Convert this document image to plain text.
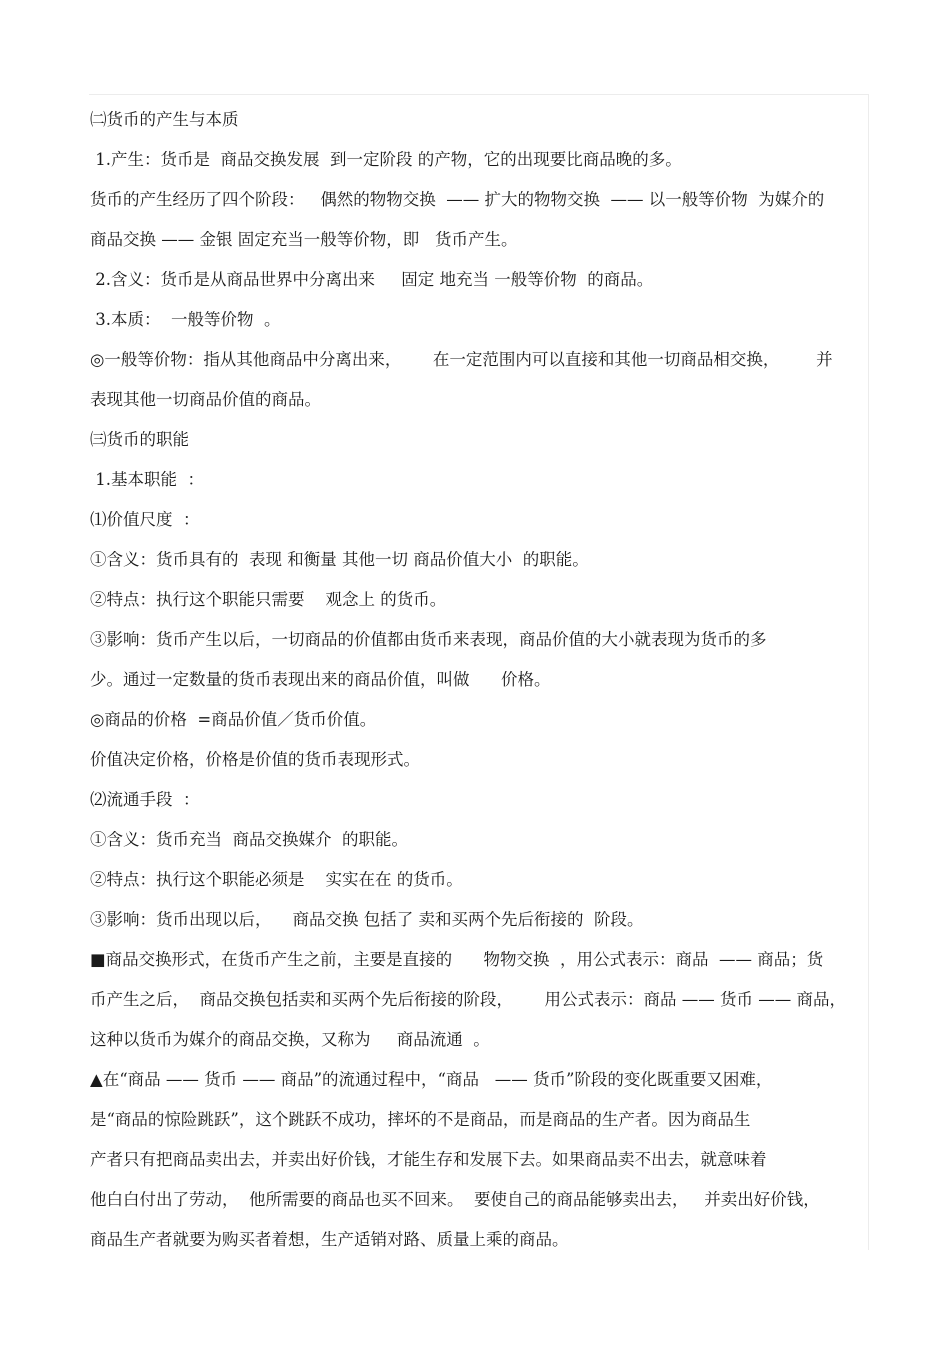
㈡货币的产生与本质
1.产生：货币是  商品交换发展  到一定阶段 的产物，它的出现要比商品晚的多。
货币的产生经历了四个阶段：   偶然的物物交换  —— 扩大的物物交换  —— 以一般等价物  为媒介的
商品交换 —— 金银 固定充当一般等价物，即   货币产生。
2.含义：货币是从商品世界中分离出来     固定 地充当 一般等价物  的商品。
3.本质：  一般等价物  。
◎一般等价物：指从其他商品中分离出来，      在一定范围内可以直接和其他一切商品相交换，       并
表现其他一切商品价值的商品。
㈢货币的职能
1.基本职能  ：
⑴价值尺度  ：
①含义：货币具有的  表现 和衡量 其他一切 商品价值大小  的职能。
②特点：执行这个职能只需要    观念上 的货币。
③影响：货币产生以后，一切商品的价值都由货币来表现，商品价值的大小就表现为货币的多
少。通过一定数量的货币表现出来的商品价值，叫做      价格。
◎商品的价格  =商品价值／货币价值。
价值决定价格，价格是价值的货币表现形式。
⑵流通手段  ：
①含义：货币充当  商品交换媒介  的职能。
②特点：执行这个职能必须是    实实在在 的货币。
③影响：货币出现以后，    商品交换 包括了 卖和买两个先后衔接的  阶段。
■商品交换形式，在货币产生之前，主要是直接的      物物交换  ，用公式表示：商品  —— 商品；货
币产生之后，  商品交换包括卖和买两个先后衔接的阶段，      用公式表示：商品 —— 货币 —— 商品，
这种以货币为媒介的商品交换，又称为     商品流通  。
▲在“商品 —— 货币 —— 商品”的流通过程中，“商品   —— 货币”阶段的变化既重要又困难，
是“商品的惊险跳跃”，这个跳跃不成功，摔坏的不是商品，而是商品的生产者。因为商品生
产者只有把商品卖出去，并卖出好价钱，才能生存和发展下去。如果商品卖不出去，就意味着
他白白付出了劳动，  他所需要的商品也买不回来。  要使自己的商品能够卖出去，   并卖出好价钱，
商品生产者就要为购买者着想，生产适销对路、质量上乘的商品。
